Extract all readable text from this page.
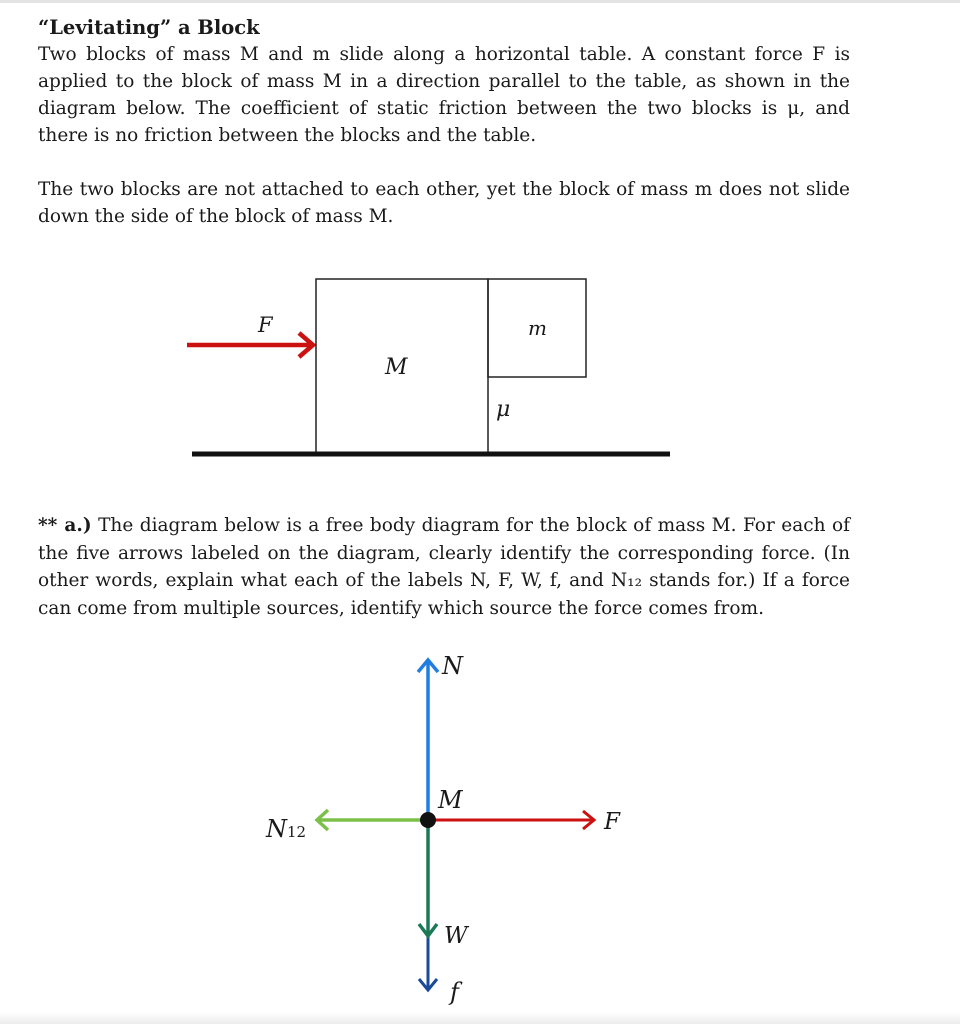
“Levitating” a Block

Two blocks of mass M and m slide along a horizontal table. A constant force F is applied to the block of mass M in a direction parallel to the table, as shown in the diagram below. The coefficient of static friction between the two blocks is μ, and there is no friction between the blocks and the table.

The two blocks are not attached to each other, yet the block of mass m does not slide down the side of the block of mass M.

F
M
m
μ

** a.) The diagram below is a free body diagram for the block of mass M. For each of the five arrows labeled on the diagram, clearly identify the corresponding force. (In other words, explain what each of the labels N, F, W, f, and N₁₂ stands for.) If a force can come from multiple sources, identify which source the force comes from.

N
F
N12
f
W
M
